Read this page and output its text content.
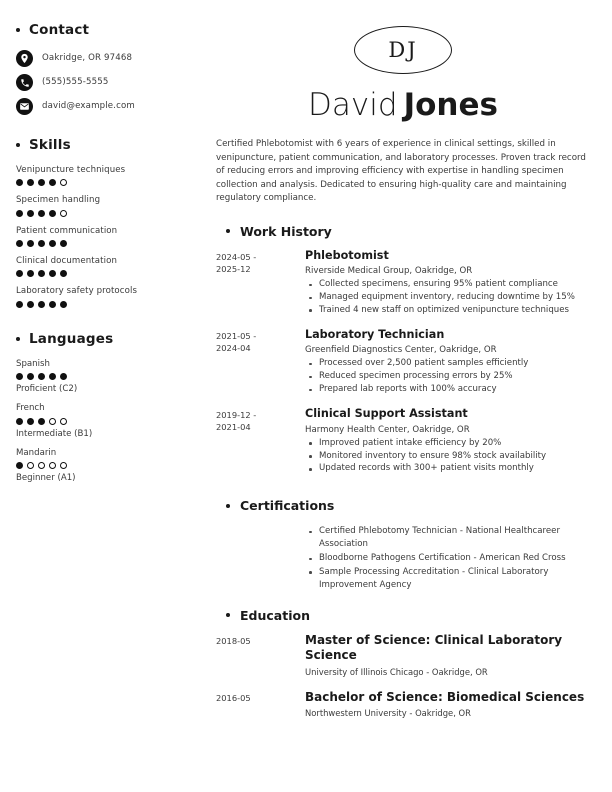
Contact
Oakridge, OR 97468
(555)555-5555
david@example.com
Skills
Venipuncture techniques
Specimen handling
Patient communication
Clinical documentation
Laboratory safety protocols
Languages
Spanish
Proficient (C2)
French
Intermediate (B1)
Mandarin
Beginner (A1)
DJ
David Jones

Certified Phlebotomist with 6 years of experience in clinical settings, skilled in venipuncture, patient communication, and laboratory processes. Proven track record of reducing errors and improving efficiency with expertise in handling specimen collection and analysis. Dedicated to ensuring high-quality care and maintaining regulatory compliance.

Work History
2024-05 -
2025-12
Phlebotomist
Riverside Medical Group, Oakridge, OR
Collected specimens, ensuring 95% patient compliance
Managed equipment inventory, reducing downtime by 15%
Trained 4 new staff on optimized venipuncture techniques
2021-05 -
2024-04
Laboratory Technician
Greenfield Diagnostics Center, Oakridge, OR
Processed over 2,500 patient samples efficiently
Reduced specimen processing errors by 25%
Prepared lab reports with 100% accuracy
2019-12 -
2021-04
Clinical Support Assistant
Harmony Health Center, Oakridge, OR
Improved patient intake efficiency by 20%
Monitored inventory to ensure 98% stock availability
Updated records with 300+ patient visits monthly
Certifications
Certified Phlebotomy Technician - National Healthcareer Association
Bloodborne Pathogens Certification - American Red Cross
Sample Processing Accreditation - Clinical Laboratory Improvement Agency
Education
2018-05	Master of Science: Clinical Laboratory Science
University of Illinois Chicago - Oakridge, OR
2016-05	Bachelor of Science: Biomedical Sciences
Northwestern University - Oakridge, OR
